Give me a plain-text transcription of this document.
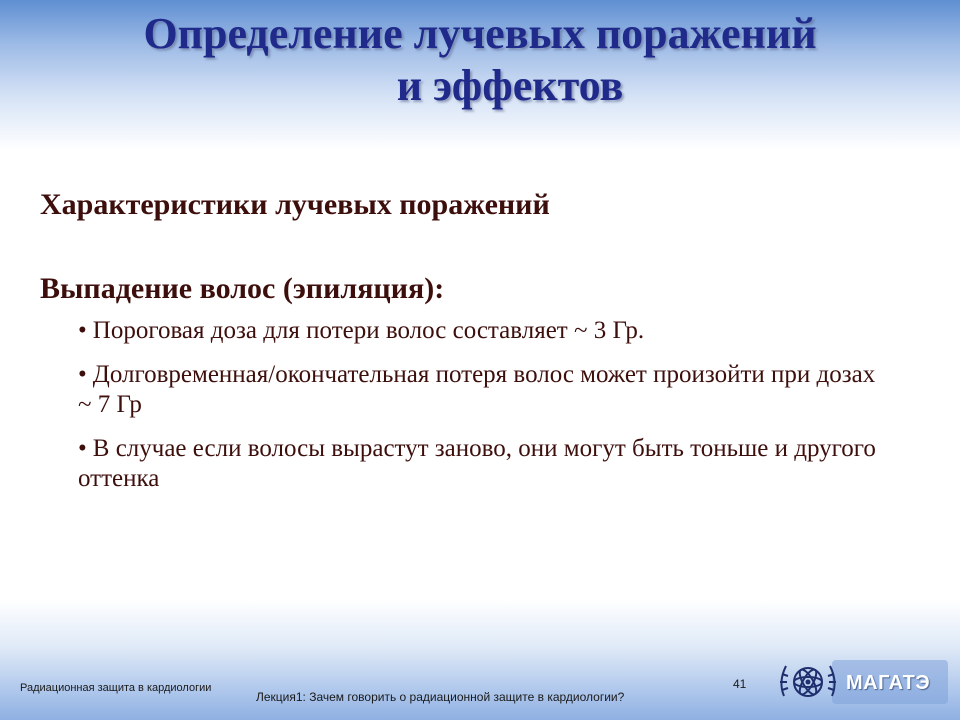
Определение лучевых поражений
и эффектов
Характеристики лучевых поражений
Выпадение волос (эпиляция):
• Пороговая доза для потери волос составляет ~ 3 Гр.
• Долговременная/окончательная потеря волос может произойти при дозах ~ 7 Гр
• В случае если волосы вырастут заново, они могут быть тоньше и другого оттенка
Радиационная защита в кардиологии
Лекция1: Зачем говорить о радиационной защите в кардиологии?
41	МАГАТЭ
